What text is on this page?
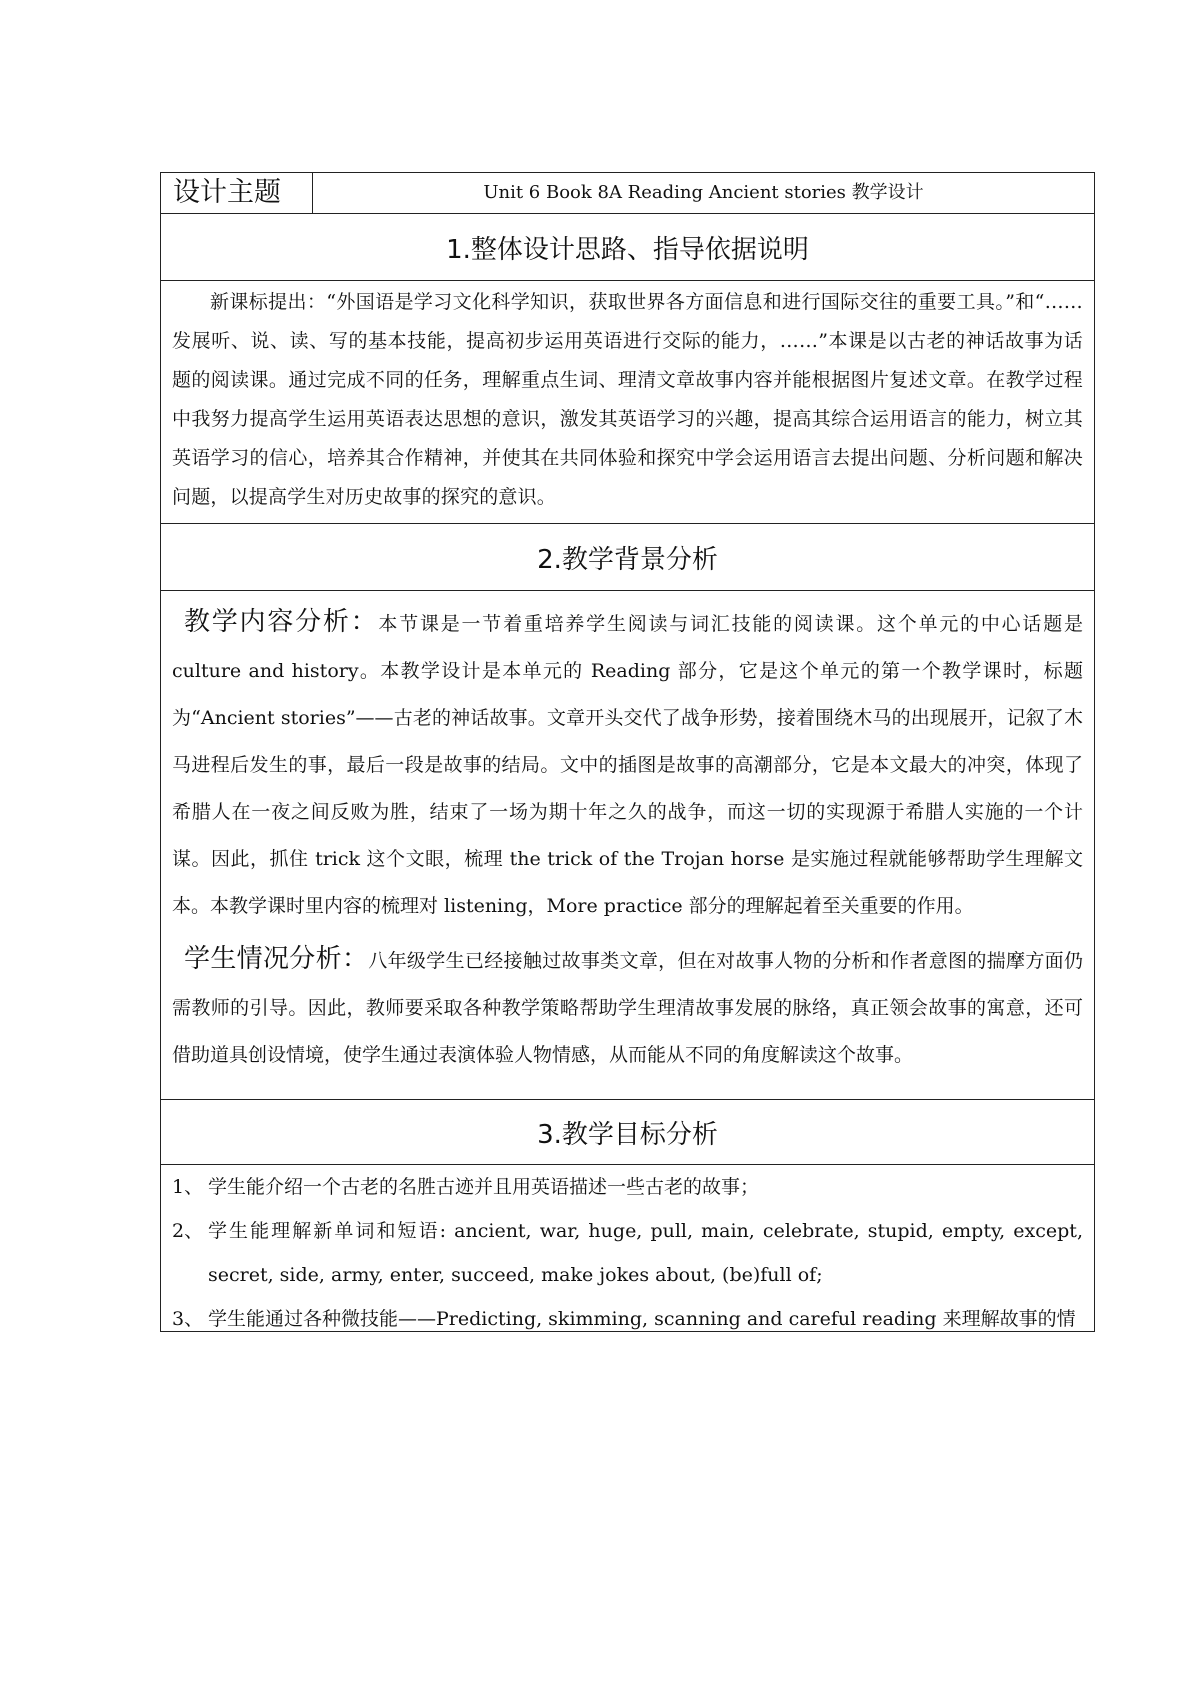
设计主题	Unit 6 Book 8A Reading Ancient stories 教学设计
1.整体设计思路、指导依据说明

新课标提出：“外国语是学习文化科学知识，获取世界各方面信息和进行国际交往的重要工具。”和“……发展听、说、读、写的基本技能，提高初步运用英语进行交际的能力，……”本课是以古老的神话故事为话题的阅读课。通过完成不同的任务，理解重点生词、理清文章故事内容并能根据图片复述文章。在教学过程中我努力提高学生运用英语表达思想的意识，激发其英语学习的兴趣，提高其综合运用语言的能力，树立其英语学习的信心，培养其合作精神，并使其在共同体验和探究中学会运用语言去提出问题、分析问题和解决问题，以提高学生对历史故事的探究的意识。

2.教学背景分析

教学内容分析：本节课是一节着重培养学生阅读与词汇技能的阅读课。这个单元的中心话题是 culture and history。本教学设计是本单元的 Reading 部分，它是这个单元的第一个教学课时，标题为“Ancient stories”——古老的神话故事。文章开头交代了战争形势，接着围绕木马的出现展开，记叙了木马进程后发生的事，最后一段是故事的结局。文中的插图是故事的高潮部分，它是本文最大的冲突，体现了希腊人在一夜之间反败为胜，结束了一场为期十年之久的战争，而这一切的实现源于希腊人实施的一个计谋。因此，抓住 trick 这个文眼，梳理 the trick of the Trojan horse 是实施过程就能够帮助学生理解文本。本教学课时里内容的梳理对 listening，More practice 部分的理解起着至关重要的作用。

学生情况分析：八年级学生已经接触过故事类文章，但在对故事人物的分析和作者意图的揣摩方面仍需教师的引导。因此，教师要采取各种教学策略帮助学生理清故事发展的脉络，真正领会故事的寓意，还可借助道具创设情境，使学生通过表演体验人物情感，从而能从不同的角度解读这个故事。

3.教学目标分析

1、 学生能介绍一个古老的名胜古迹并且用英语描述一些古老的故事；
2、 学生能理解新单词和短语: ancient, war, huge, pull, main, celebrate, stupid, empty, except, secret, side, army, enter, succeed, make jokes about, (be)full of;
3、 学生能通过各种微技能——Predicting, skimming, scanning and careful reading 来理解故事的情
